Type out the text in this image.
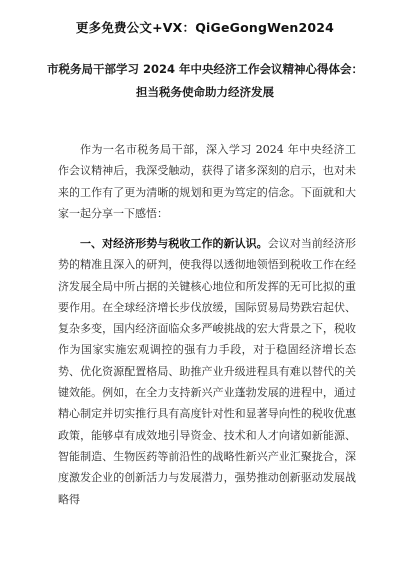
更多免费公文+VX：QiGeGongWen2024
市税务局干部学习 2024 年中央经济工作会议精神心得体会：
担当税务使命助力经济发展

作为一名市税务局干部，深入学习 2024 年中央经济工作会议精神后，我深受触动，获得了诸多深刻的启示，也对未来的工作有了更为清晰的规划和更为笃定的信念。下面就和大家一起分享一下感悟：

一、对经济形势与税收工作的新认识。会议对当前经济形势的精准且深入的研判，使我得以透彻地领悟到税收工作在经济发展全局中所占据的关键核心地位和所发挥的无可比拟的重要作用。在全球经济增长步伐放缓，国际贸易局势跌宕起伏、复杂多变，国内经济面临众多严峻挑战的宏大背景之下，税收作为国家实施宏观调控的强有力手段，对于稳固经济增长态势、优化资源配置格局、助推产业升级进程具有难以替代的关键效能。例如，在全力支持新兴产业蓬勃发展的进程中，通过精心制定并切实推行具有高度针对性和显著导向性的税收优惠政策，能够卓有成效地引导资金、技术和人才向诸如新能源、智能制造、生物医药等前沿性的战略性新兴产业汇聚拢合，深度激发企业的创新活力与发展潜力，强势推动创新驱动发展战略得
